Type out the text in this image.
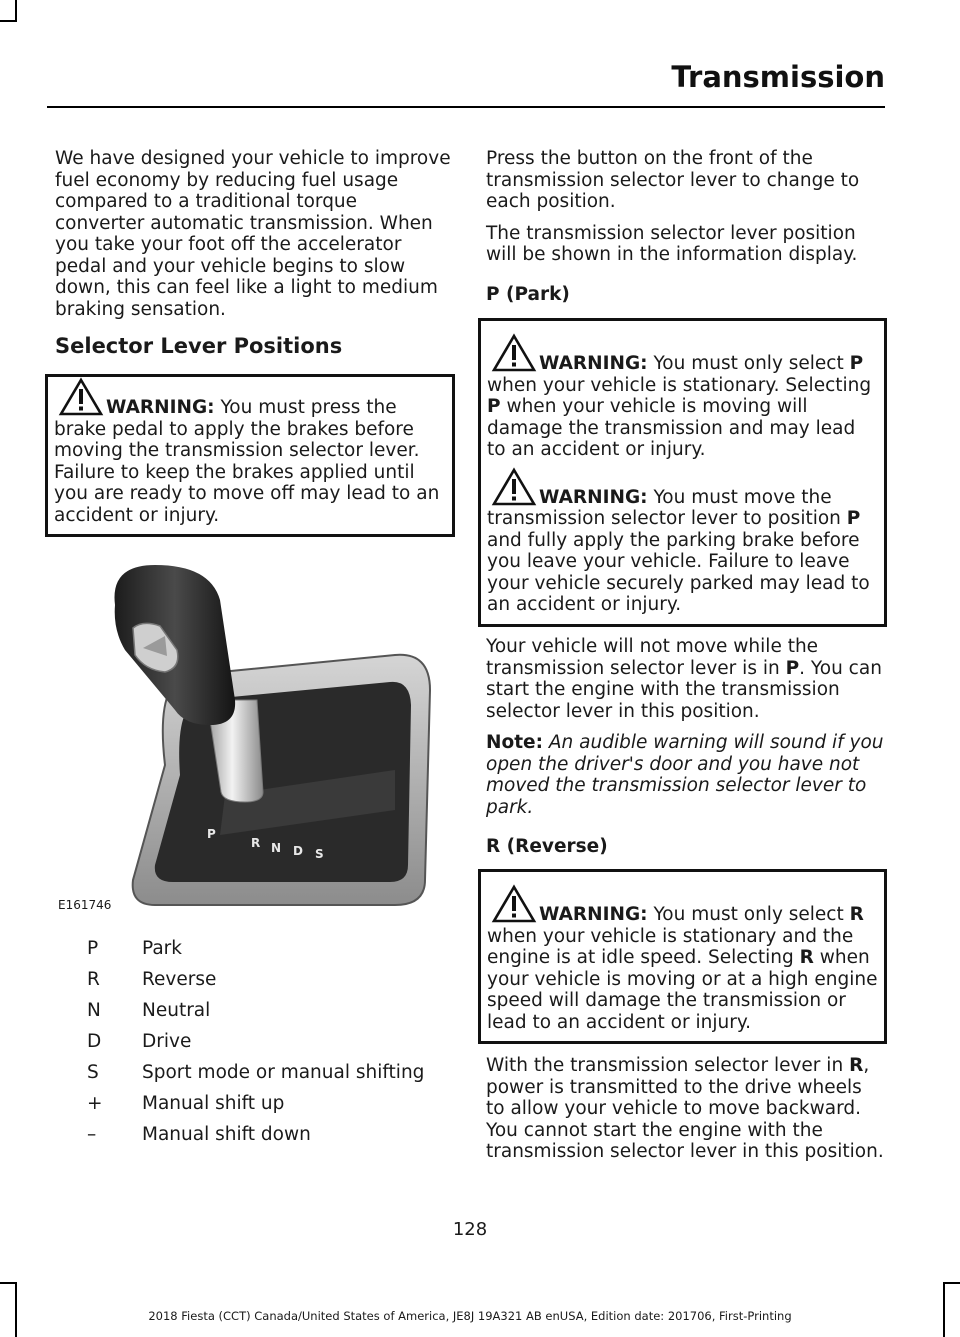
Transmission

We have designed your vehicle to improve fuel economy by reducing fuel usage compared to a traditional torque converter automatic transmission. When you take your foot off the accelerator pedal and your vehicle begins to slow down, this can feel like a light to medium braking sensation.

Selector Lever Positions
WARNING: You must press the brake pedal to apply the brakes before moving the transmission selector lever. Failure to keep the brakes applied until you are ready to move off may lead to an accident or injury.
P
R N D S
E161746
P	Park
R	Reverse
N	Neutral
D	Drive
S	Sport mode or manual shifting
+	Manual shift up
–	Manual shift down

Press the button on the front of the transmission selector lever to change to each position.

The transmission selector lever position will be shown in the information display.

P (Park)
WARNING: You must only select P when your vehicle is stationary. Selecting P when your vehicle is moving will damage the transmission and may lead to an accident or injury.
WARNING: You must move the transmission selector lever to position P and fully apply the parking brake before you leave your vehicle. Failure to leave your vehicle securely parked may lead to an accident or injury.

Your vehicle will not move while the transmission selector lever is in P. You can start the engine with the transmission selector lever in this position.

Note: An audible warning will sound if you open the driver's door and you have not moved the transmission selector lever to park.

R (Reverse)
WARNING: You must only select R when your vehicle is stationary and the engine is at idle speed. Selecting R when your vehicle is moving or at a high engine speed will damage the transmission or lead to an accident or injury.

With the transmission selector lever in R, power is transmitted to the drive wheels to allow your vehicle to move backward. You cannot start the engine with the transmission selector lever in this position.

128
2018 Fiesta (CCT) Canada/United States of America, JE8J 19A321 AB enUSA, Edition date: 201706, First-Printing
